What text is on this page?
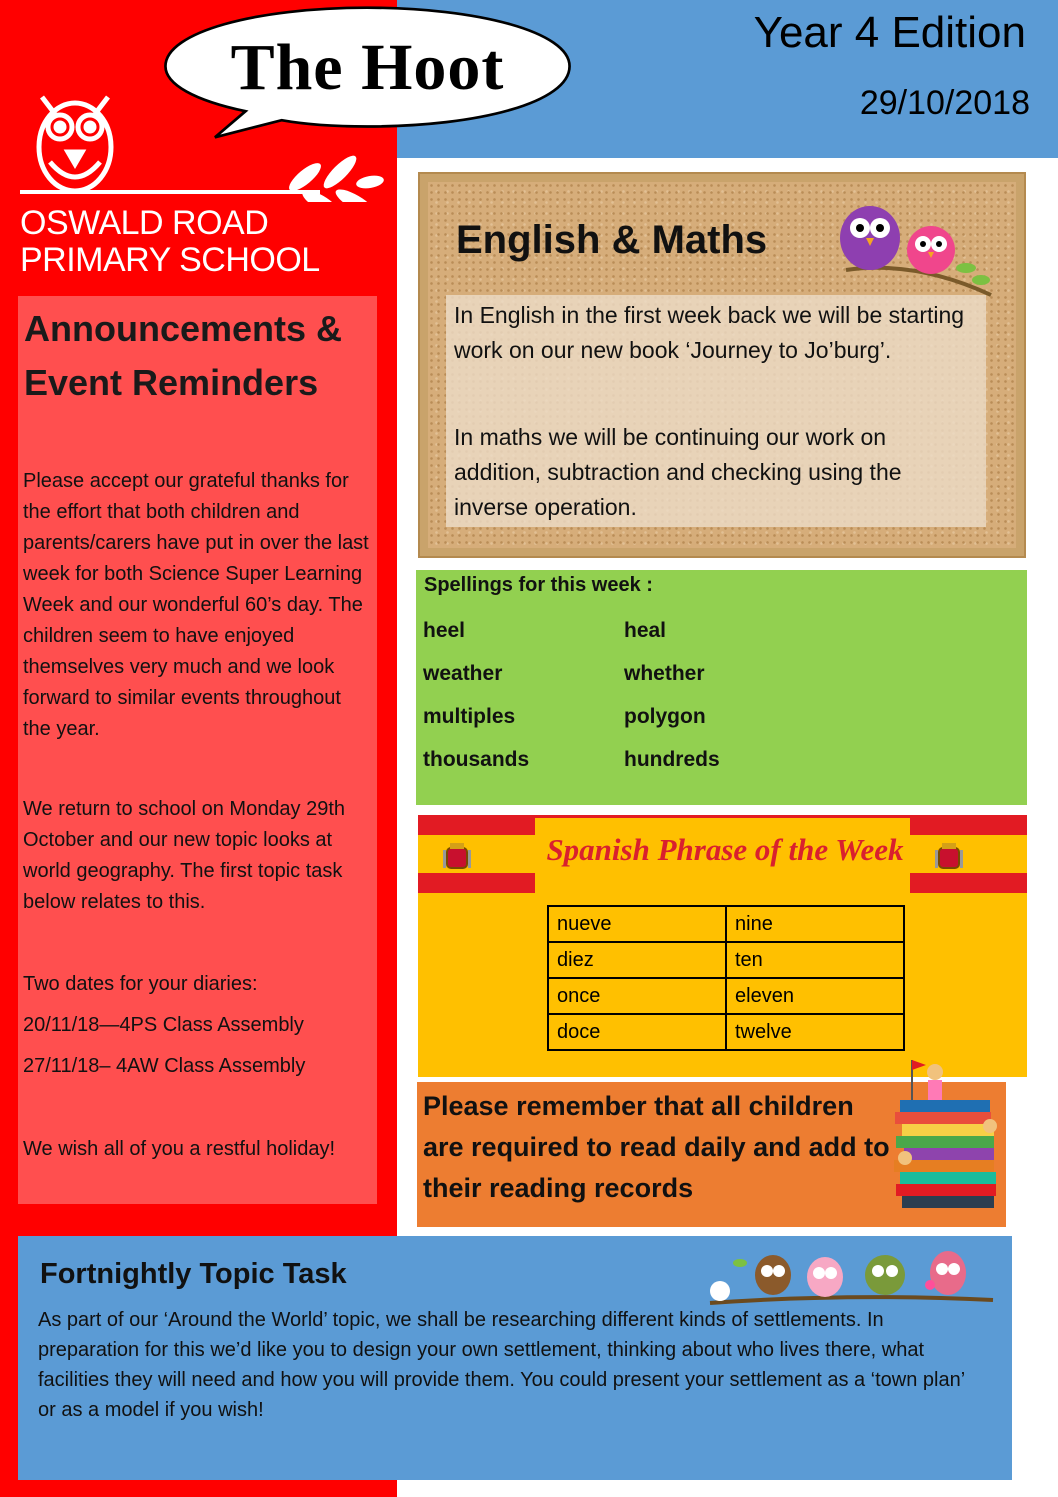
The Hoot	Year 4 Edition
29/10/2018
OSWALD ROAD
PRIMARY SCHOOL
Announcements &
Event Reminders
Please accept our grateful thanks for the effort that both children and parents/carers have put in over the last week for both Science Super Learning Week and our wonderful 60’s day. The children seem to have enjoyed themselves very much and we look forward to similar events throughout the year.
We return to school on Monday 29th October and our new topic looks at world geography. The first topic task below relates to this.
Two dates for your diaries:
20/11/18—4PS Class Assembly
27/11/18– 4AW Class Assembly
We wish all of you a restful holiday!
English & Maths
In English in the first week back we will be starting work on our new book ‘Journey to Jo’burg’.
In maths we will be continuing our work on addition, subtraction and checking using the inverse operation.
Spellings for this week :
heel	heal
weather	whether
multiples	polygon
thousands	hundreds
Spanish Phrase of the Week
nueve	nine
diez	ten
once	eleven
doce	twelve
Please remember that all children are required to read daily and add to their reading records
Fortnightly Topic Task
As part of our ‘Around the World’ topic, we shall be researching different kinds of settlements. In preparation for this we’d like you to design your own settlement, thinking about who lives there, what facilities they will need and how you will provide them. You could present your settlement as a ‘town plan’ or as a model if you wish!
